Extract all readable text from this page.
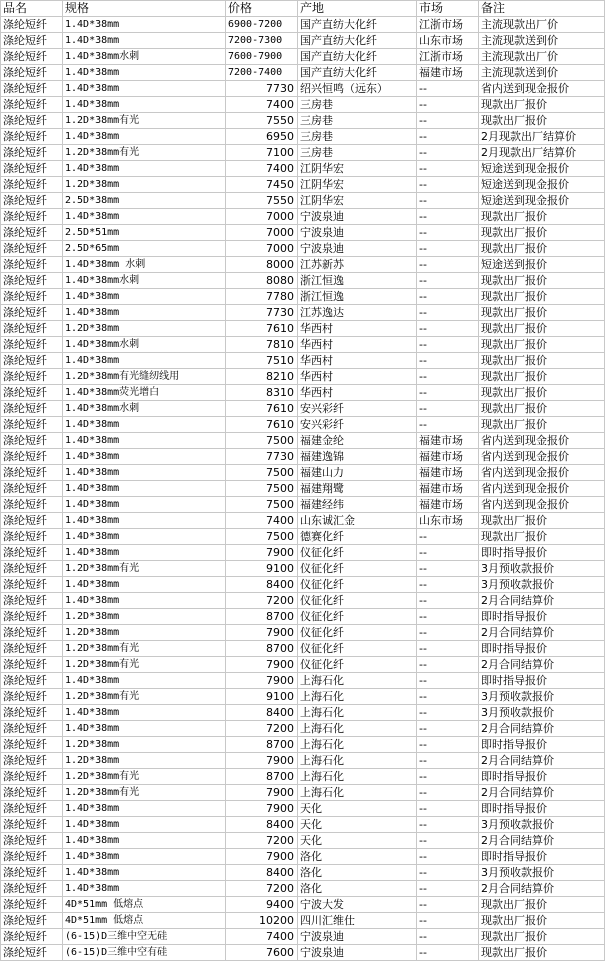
品名	规格	价格	产地	市场	备注
涤纶短纤	1.4D*38mm	6900-7200	国产直纺大化纤	江浙市场	主流现款出厂价
涤纶短纤	1.4D*38mm	7200-7300	国产直纺大化纤	山东市场	主流现款送到价
涤纶短纤	1.4D*38mm水刺	7600-7900	国产直纺大化纤	江浙市场	主流现款出厂价
涤纶短纤	1.4D*38mm	7200-7400	国产直纺大化纤	福建市场	主流现款送到价
涤纶短纤	1.4D*38mm	7730	绍兴恒鸣（远东）	--	省内送到现金报价
涤纶短纤	1.4D*38mm	7400	三房巷	--	现款出厂报价
涤纶短纤	1.2D*38mm有光	7550	三房巷	--	现款出厂报价
涤纶短纤	1.4D*38mm	6950	三房巷	--	2月现款出厂结算价
涤纶短纤	1.2D*38mm有光	7100	三房巷	--	2月现款出厂结算价
涤纶短纤	1.4D*38mm	7400	江阴华宏	--	短途送到现金报价
涤纶短纤	1.2D*38mm	7450	江阴华宏	--	短途送到现金报价
涤纶短纤	2.5D*38mm	7550	江阴华宏	--	短途送到现金报价
涤纶短纤	1.4D*38mm	7000	宁波泉迪	--	现款出厂报价
涤纶短纤	2.5D*51mm	7000	宁波泉迪	--	现款出厂报价
涤纶短纤	2.5D*65mm	7000	宁波泉迪	--	现款出厂报价
涤纶短纤	1.4D*38mm 水刺	8000	江苏新苏	--	短途送到报价
涤纶短纤	1.4D*38mm水刺	8080	浙江恒逸	--	现款出厂报价
涤纶短纤	1.4D*38mm	7780	浙江恒逸	--	现款出厂报价
涤纶短纤	1.4D*38mm	7730	江苏逸达	--	现款出厂报价
涤纶短纤	1.2D*38mm	7610	华西村	--	现款出厂报价
涤纶短纤	1.4D*38mm水刺	7810	华西村	--	现款出厂报价
涤纶短纤	1.4D*38mm	7510	华西村	--	现款出厂报价
涤纶短纤	1.2D*38mm有光缝纫线用	8210	华西村	--	现款出厂报价
涤纶短纤	1.4D*38mm荧光增白	8310	华西村	--	现款出厂报价
涤纶短纤	1.4D*38mm水刺	7610	安兴彩纤	--	现款出厂报价
涤纶短纤	1.4D*38mm	7610	安兴彩纤	--	现款出厂报价
涤纶短纤	1.4D*38mm	7500	福建金纶	福建市场	省内送到现金报价
涤纶短纤	1.4D*38mm	7730	福建逸锦	福建市场	省内送到现金报价
涤纶短纤	1.4D*38mm	7500	福建山力	福建市场	省内送到现金报价
涤纶短纤	1.4D*38mm	7500	福建翔鹭	福建市场	省内送到现金报价
涤纶短纤	1.4D*38mm	7500	福建经纬	福建市场	省内送到现金报价
涤纶短纤	1.4D*38mm	7400	山东诚汇金	山东市场	现款出厂报价
涤纶短纤	1.4D*38mm	7500	德赛化纤	--	现款出厂报价
涤纶短纤	1.4D*38mm	7900	仪征化纤	--	即时指导报价
涤纶短纤	1.2D*38mm有光	9100	仪征化纤	--	3月预收款报价
涤纶短纤	1.4D*38mm	8400	仪征化纤	--	3月预收款报价
涤纶短纤	1.4D*38mm	7200	仪征化纤	--	2月合同结算价
涤纶短纤	1.2D*38mm	8700	仪征化纤	--	即时指导报价
涤纶短纤	1.2D*38mm	7900	仪征化纤	--	2月合同结算价
涤纶短纤	1.2D*38mm有光	8700	仪征化纤	--	即时指导报价
涤纶短纤	1.2D*38mm有光	7900	仪征化纤	--	2月合同结算价
涤纶短纤	1.4D*38mm	7900	上海石化	--	即时指导报价
涤纶短纤	1.2D*38mm有光	9100	上海石化	--	3月预收款报价
涤纶短纤	1.4D*38mm	8400	上海石化	--	3月预收款报价
涤纶短纤	1.4D*38mm	7200	上海石化	--	2月合同结算价
涤纶短纤	1.2D*38mm	8700	上海石化	--	即时指导报价
涤纶短纤	1.2D*38mm	7900	上海石化	--	2月合同结算价
涤纶短纤	1.2D*38mm有光	8700	上海石化	--	即时指导报价
涤纶短纤	1.2D*38mm有光	7900	上海石化	--	2月合同结算价
涤纶短纤	1.4D*38mm	7900	天化	--	即时指导报价
涤纶短纤	1.4D*38mm	8400	天化	--	3月预收款报价
涤纶短纤	1.4D*38mm	7200	天化	--	2月合同结算价
涤纶短纤	1.4D*38mm	7900	洛化	--	即时指导报价
涤纶短纤	1.4D*38mm	8400	洛化	--	3月预收款报价
涤纶短纤	1.4D*38mm	7200	洛化	--	2月合同结算价
涤纶短纤	4D*51mm 低熔点	9400	宁波大发	--	现款出厂报价
涤纶短纤	4D*51mm 低熔点	10200	四川汇维仕	--	现款出厂报价
涤纶短纤	(6-15)D三维中空无硅	7400	宁波泉迪	--	现款出厂报价
涤纶短纤	(6-15)D三维中空有硅	7600	宁波泉迪	--	现款出厂报价
